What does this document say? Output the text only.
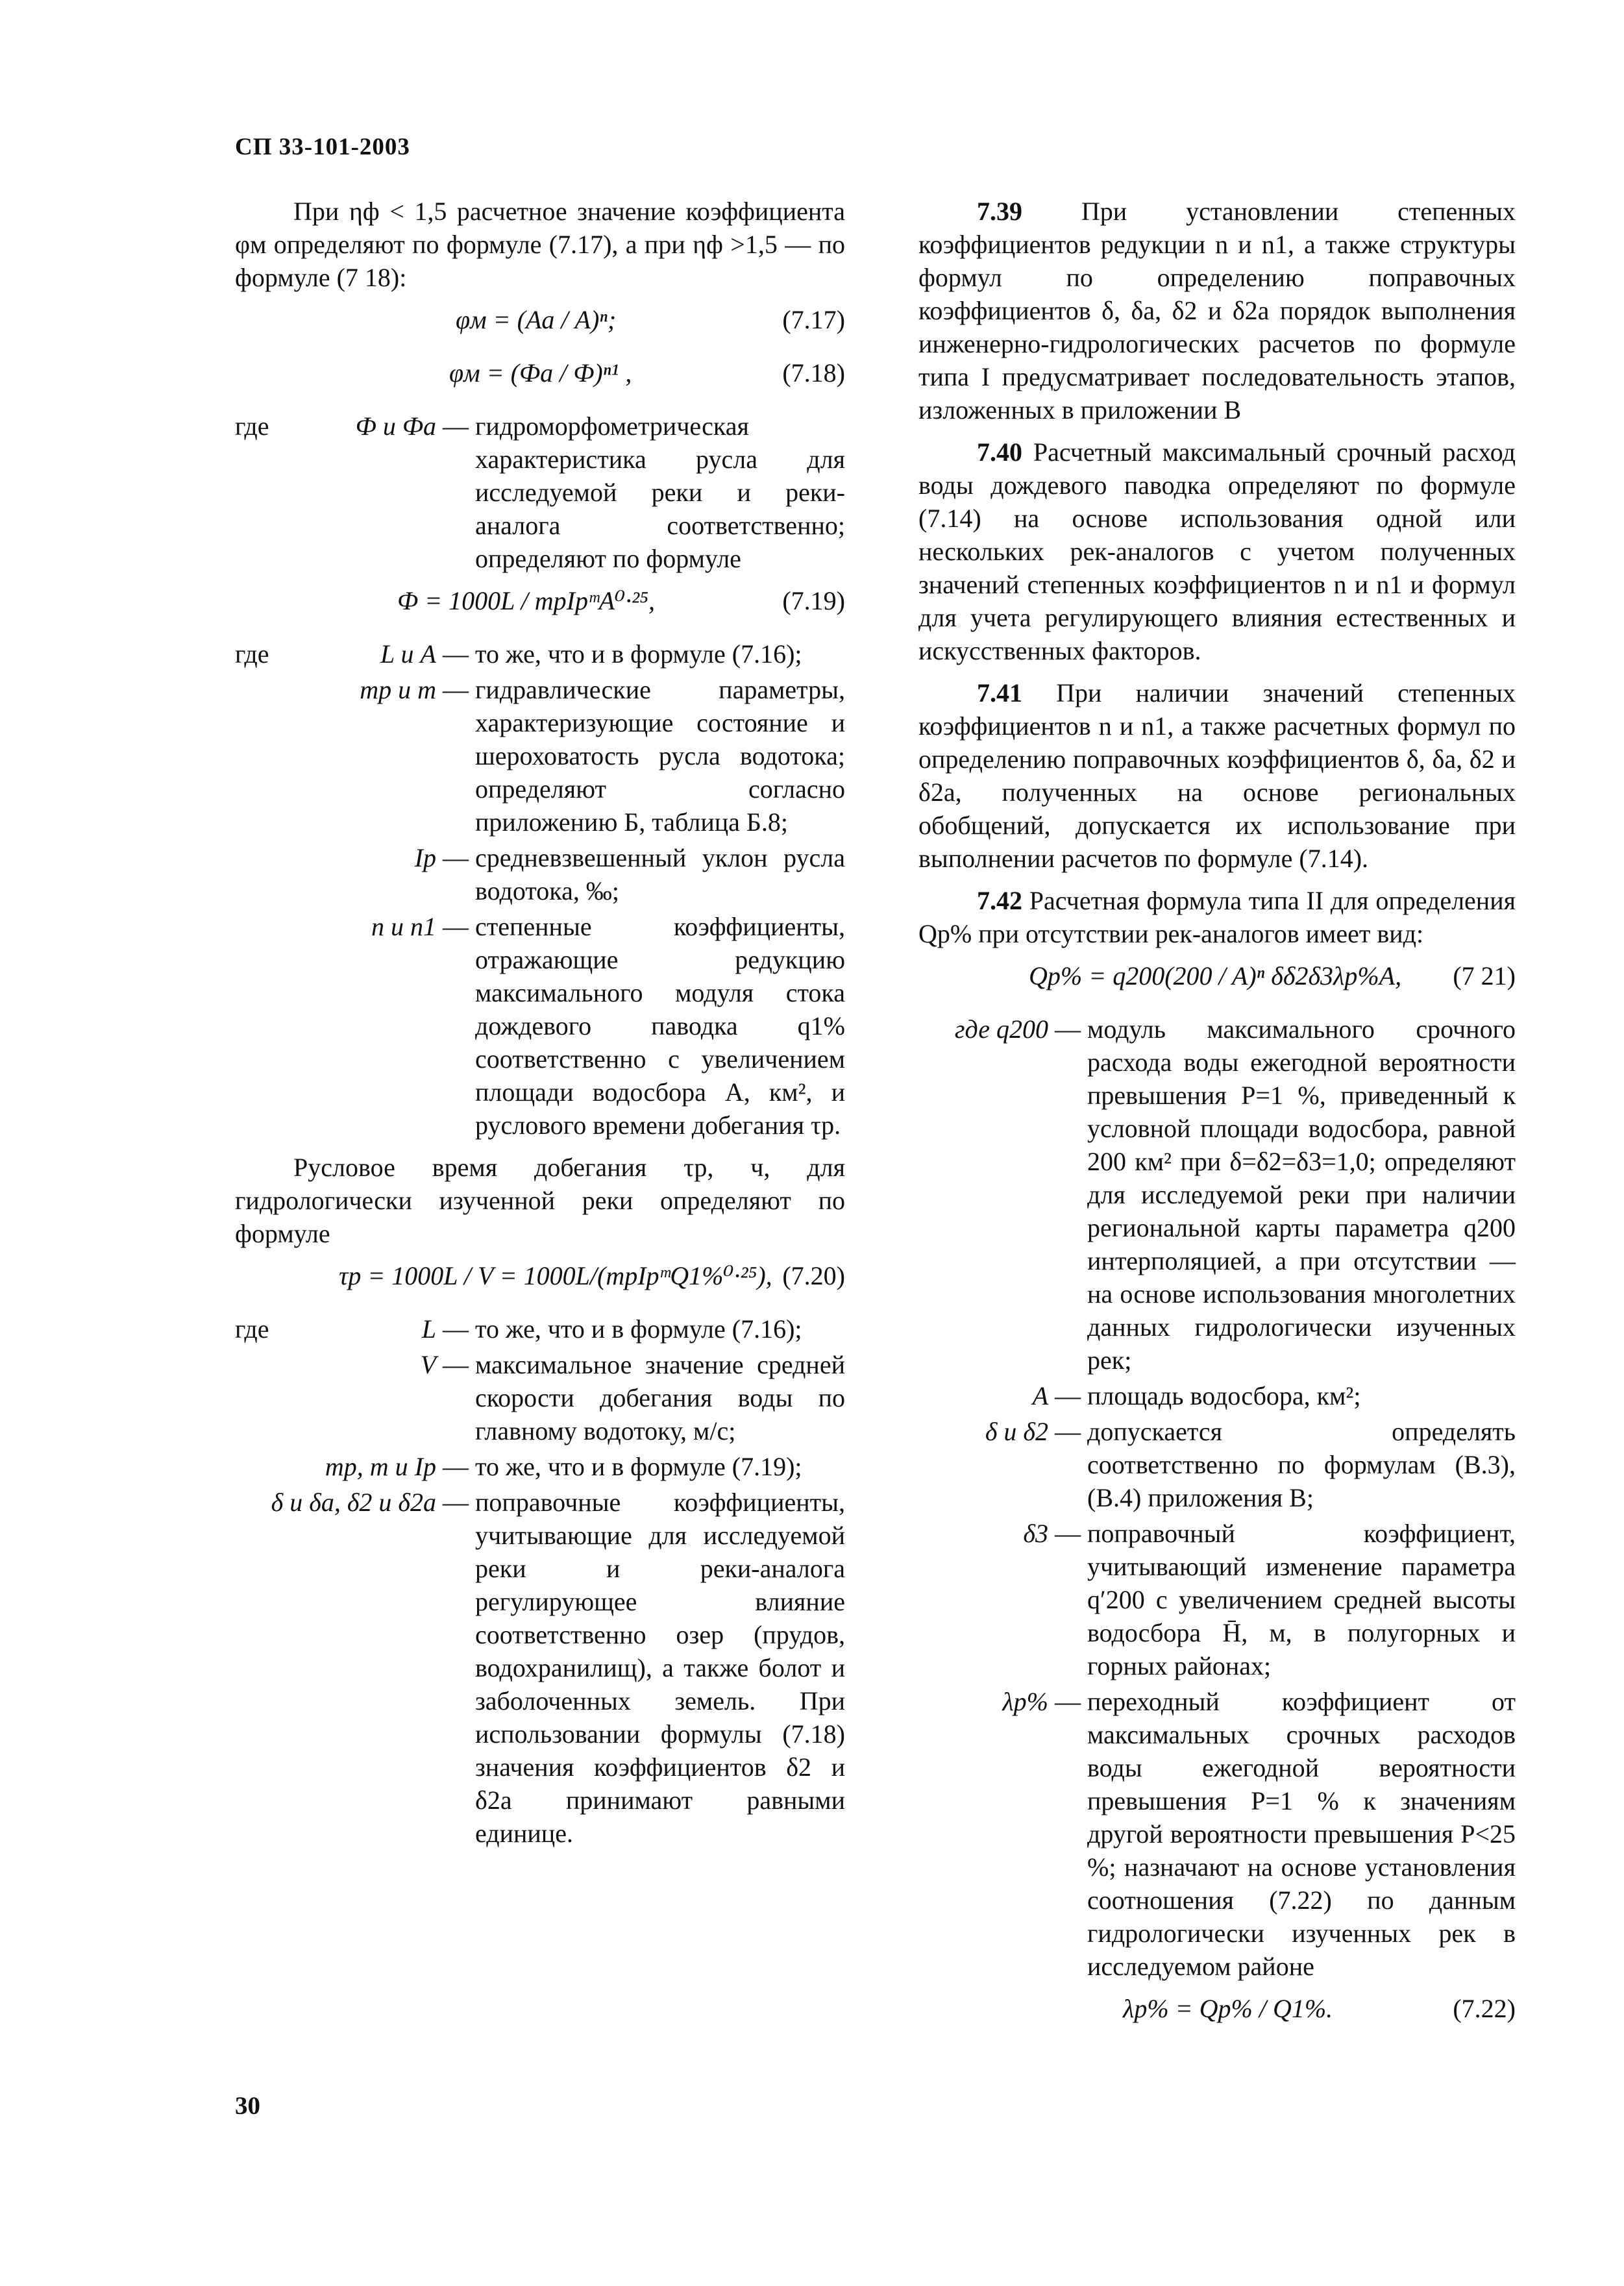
СП 33-101-2003

При ηф < 1,5 расчетное значение коэффициента φм определяют по формуле (7.17), а при ηф >1,5 — по формуле (7 18):

φм = (Aа / A)ⁿ;	(7.17)
φм = (Фа / Ф)ⁿ¹ ,	(7.18)
где	Ф и Фа — гидроморфометрическая характеристика русла для исследуемой реки и реки-аналога соответственно; определяют по формуле
Ф = 1000L / mрIрᵐA⁰·²⁵,	(7.19)
где	L и A — то же, что и в формуле (7.16);
mр и m — гидравлические параметры, характеризующие состояние и шероховатость русла водотока; определяют согласно приложению Б, таблица Б.8;
Iр — средневзвешенный уклон русла водотока, ‰;
n и n1 — степенные коэффициенты, отражающие редукцию максимального модуля стока дождевого паводка q1% соответственно с увеличением площади водосбора A, км², и руслового времени добегания τр.

Русловое время добегания τр, ч, для гидрологически изученной реки определяют по формуле

τр = 1000L / V = 1000L/(mрIрᵐQ1%⁰·²⁵), (7.20)
где	L — то же, что и в формуле (7.16);
V — максимальное значение средней скорости добегания воды по главному водотоку, м/с;
mр, m и Iр — то же, что и в формуле (7.19);
δ и δа, δ2 и δ2а — поправочные коэффициенты, учитывающие для исследуемой реки и реки-аналога регулирующее влияние соответственно озер (прудов, водохранилищ), а также болот и заболоченных земель. При использовании формулы (7.18) значения коэффициентов δ2 и δ2а принимают равными единице.

7.39 При установлении степенных коэффициентов редукции n и n1, а также структуры формул по определению поправочных коэффициентов δ, δа, δ2 и δ2а порядок выполнения инженерно-гидрологических расчетов по формуле типа I предусматривает последовательность этапов, изложенных в приложении В

7.40 Расчетный максимальный срочный расход воды дождевого паводка определяют по формуле (7.14) на основе использования одной или нескольких рек-аналогов с учетом полученных значений степенных коэффициентов n и n1 и формул для учета регулирующего влияния естественных и искусственных факторов.

7.41 При наличии значений степенных коэффициентов n и n1, а также расчетных формул по определению поправочных коэффициентов δ, δа, δ2 и δ2а, полученных на основе региональных обобщений, допускается их использование при выполнении расчетов по формуле (7.14).

7.42 Расчетная формула типа II для определения Qр% при отсутствии рек-аналогов имеет вид:

Qр% = q200(200 / A)ⁿ δδ2δ3λр%A, (7 21)
где q200 — модуль максимального срочного расхода воды ежегодной вероятности превышения P=1 %, приведенный к условной площади водосбора, равной 200 км² при δ=δ2=δ3=1,0; определяют для исследуемой реки при наличии региональной карты параметра q200 интерполяцией, а при отсутствии — на основе использования многолетних данных гидрологически изученных рек;
A — площадь водосбора, км²;
δ и δ2 — допускается определять соответственно по формулам (В.3), (В.4) приложения В;
δ3 — поправочный коэффициент, учитывающий изменение параметра q′200 с увеличением средней высоты водосбора H̄, м, в полугорных и горных районах;
λр% — переходный коэффициент от максимальных срочных расходов воды ежегодной вероятности превышения P=1 % к значениям другой вероятности превышения P<25 %; назначают на основе установления соотношения (7.22) по данным гидрологически изученных рек в исследуемом районе
λр% = Qр% / Q1%.	(7.22)
30
